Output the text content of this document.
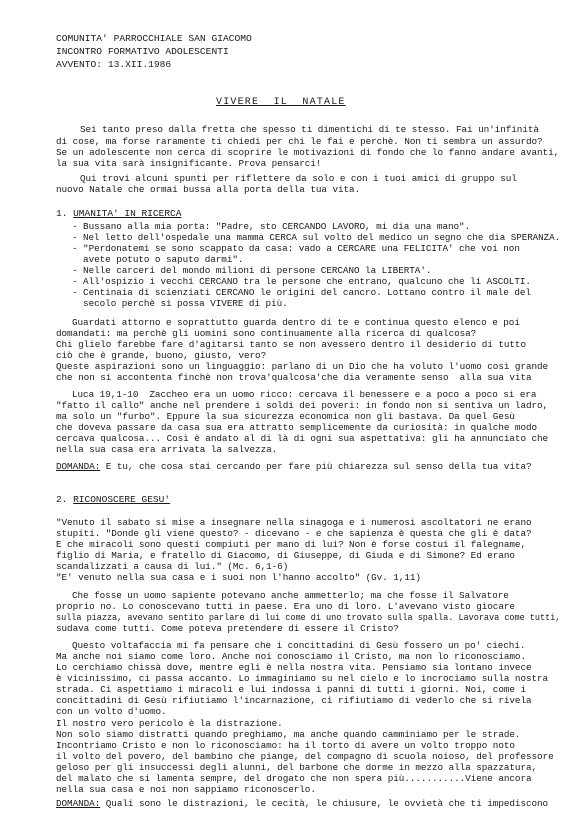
COMUNITA' PARROCCHIALE SAN GIACOMO
INCONTRO FORMATIVO ADOLESCENTI
AVVENTO: 13.XII.1986
VIVERE  IL  NATALE
Sei tanto preso dalla fretta che spesso ti dimentichi di te stesso. Fai un'infinità
di cose, ma forse raramente ti chiedi per chi le fai e perchè. Non ti sembra un assurdo?
Se un adolescente non cerca di scoprire le motivazioni di fondo che lo fanno andare avanti,
la sua vita sarà insignificante. Prova pensarci!
Qui trovi alcuni spunti per riflettere da solo e con i tuoi amici di gruppo sul
nuovo Natale che ormai bussa alla porta della tua vita.
1. UMANITA' IN RICERCA
- Bussano alla mia porta: "Padre, sto CERCANDO LAVORO, mi dia una mano".
- Nel letto dell'ospedale una mamma CERCA sul volto del medico un segno che dia SPERANZA.
- "Perdonatemi se sono scappato da casa: vado a CERCARE una FELICITA' che voi non
avete potuto o saputo darmi".
- Nelle carceri del mondo milioni di persone CERCANO la LIBERTA'.
- All'ospizio i vecchi CERCANO tra le persone che entrano, qualcuno che li ASCOLTI.
- Centinaia di scienziati CERCANO le origini del cancro. Lottano contro il male del
secolo perchè si possa VIVERE di più.
Guardati attorno e soprattutto guarda dentro di te e continua questo elenco e poi
domandati: ma perchè gli uomini sono continuamente alla ricerca di qualcosa?
Chi glielo farebbe fare d'agitarsi tanto se non avessero dentro il desiderio di tutto
ciò che è grande, buono, giusto, vero?
Queste aspirazioni sono un linguaggio: parlano di un Dio che ha voluto l'uomo così grande
che non si accontenta finchè non trova'qualcosa'che dia veramente senso  alla sua vita
Luca 19,1-10  Zaccheo era un uomo ricco: cercava il benessere e a poco a poco si era
"fatto il callo" anche nel prendere i soldi dei poveri: in fondo non si sentiva un ladro,
ma solo un "furbo". Eppure la sua sicurezza economica non gli bastava. Da quel Gesù
che doveva passare da casa sua era attratto semplicemente da curiosità: in qualche modo
cercava qualcosa... Così è andato al di là di ogni sua aspettativa: gli ha annunciato che
nella sua casa era arrivata la salvezza.
DOMANDA: E tu, che cosa stai cercando per fare più chiarezza sul senso della tua vita?
2. RICONOSCERE GESU'
"Venuto il sabato si mise a insegnare nella sinagoga e i numerosi ascoltatori ne erano
stupiti. "Donde gli viene questo? - dicevano - e che sapienza è questa che gli è data?
E che miracoli sono questi compiuti per mano di lui? Non è forse costui il falegname,
figlio di Maria, e fratello di Giacomo, di Giuseppe, di Giuda e di Simone? Ed erano
scandalizzati a causa di lui." (Mc. 6,1-6)
"E' venuto nella sua casa e i suoi non l'hanno accolto" (Gv. 1,11)
Che fosse un uomo sapiente potevano anche ammetterlo; ma che fosse il Salvatore
proprio no. Lo conoscevano tutti in paese. Era uno di loro. L'avevano visto giocare
sulla piazza, avevano sentito parlare di lui come di uno trovato sulla spalla. Lavorava come tutti,
sudava come tutti. Come poteva pretendere di essere il Cristo?
Questo voltafaccia mi fa pensare che i concittadini di Gesù fossero un po' ciechi.
Ma anche noi siamo come loro. Anche noi conosciamo il Cristo, ma non lo riconosciamo.
Lo cerchiamo chissà dove, mentre egli è nella nostra vita. Pensiamo sia lontano invece
è vicinissimo, ci passa accanto. Lo immaginiamo su nel cielo e lo incrociamo sulla nostra
strada. Ci aspettiamo i miracoli e lui indossa i panni di tutti i giorni. Noi, come i
concittadini di Gesù rifiutiamo l'incarnazione, ci rifiutiamo di vederlo che si rivela
con un volto d'uomo.
Il nostro vero pericolo è la distrazione.
Non solo siamo distratti quando preghiamo, ma anche quando camminiamo per le strade.
Incontriamo Cristo e non lo riconosciamo: ha il torto di avere un volto troppo noto
il volto del povero, del bambino che piange, del compagno di scuola noioso, del professore
geloso per gli insuccessi degli alunni, del barbone che dorme in mezzo alla spazzatura,
del malato che si lamenta sempre, del drogato che non spera più...........Viene ancora
nella sua casa e noi non sappiamo riconoscerlo.
DOMANDA: Quali sono le distrazioni, le cecità, le chiusure, le ovvietà che ti impediscono
